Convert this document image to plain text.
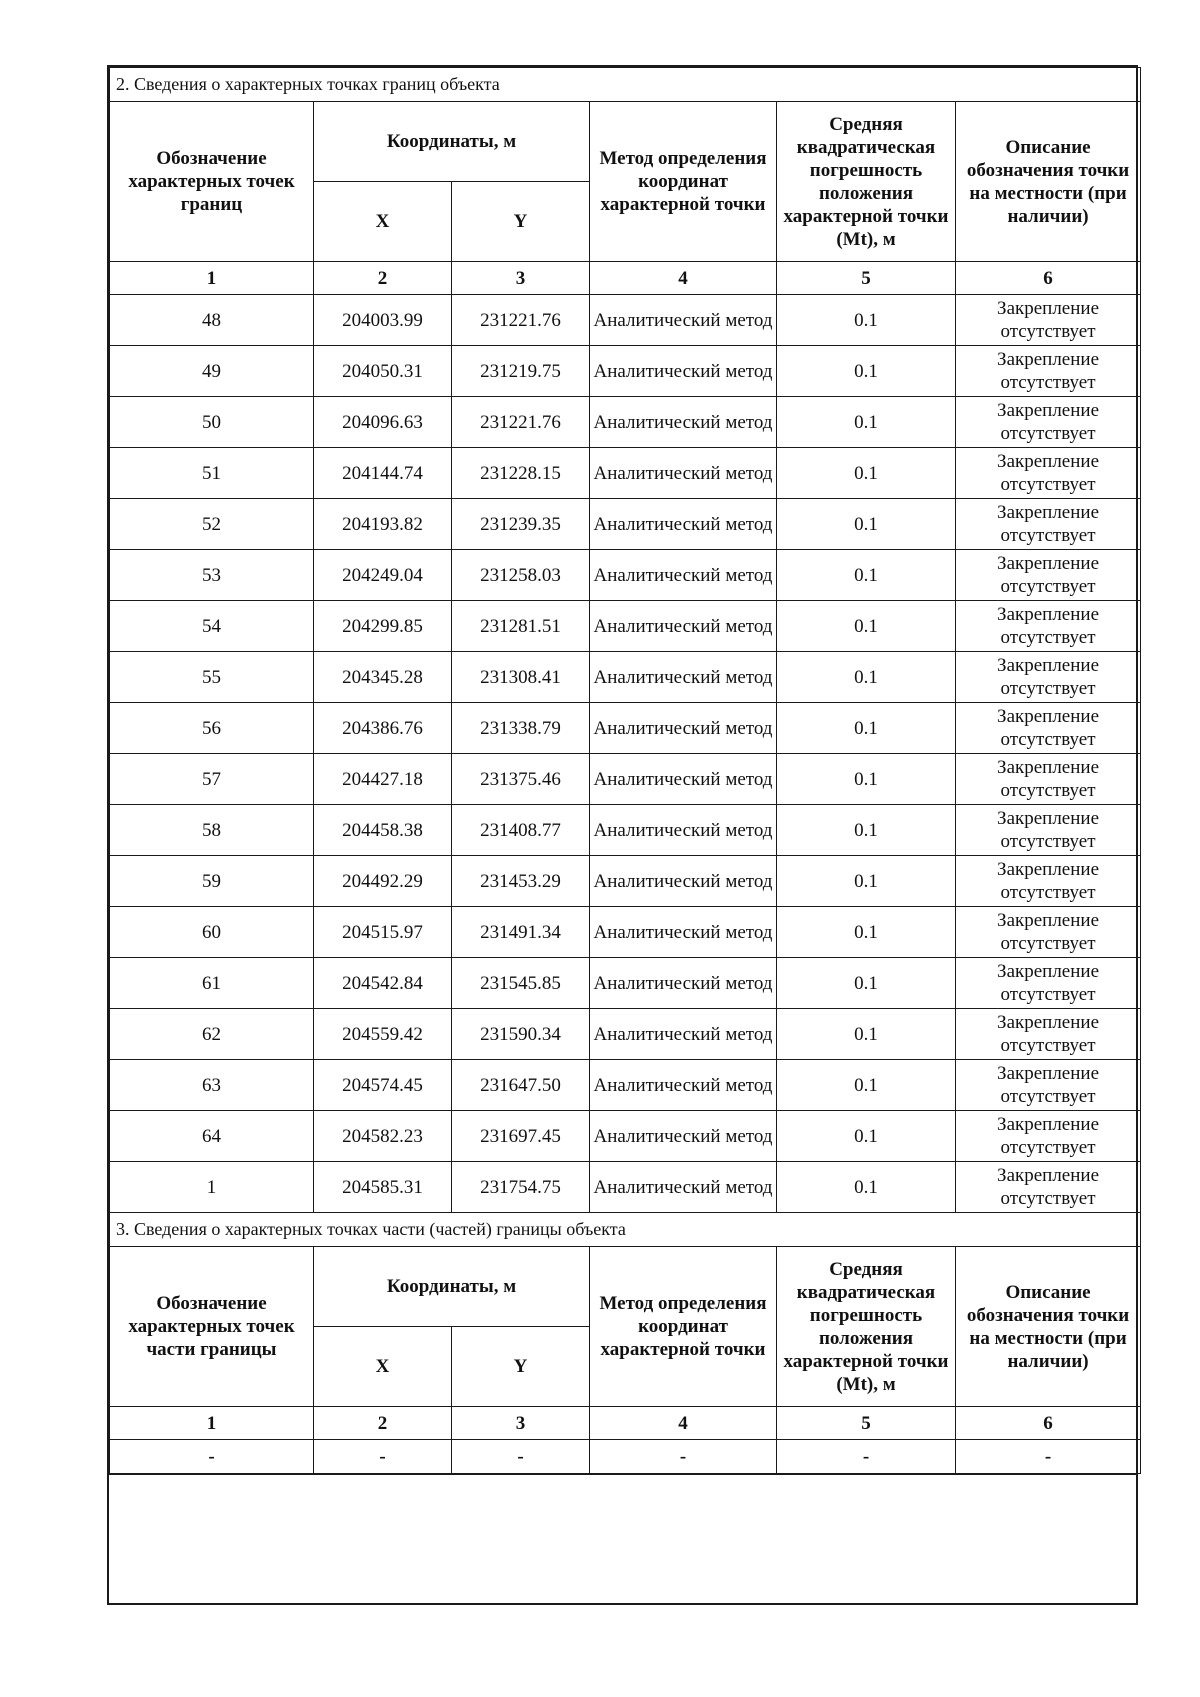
2. Сведения о характерных точках границ объекта					
Обозначение характерных точек границ	Координаты, м		Метод определения координат характерной точки	Средняя квадратическая погрешность положения характерной точки (Mt), м	Описание обозначения точки на местности (при наличии)
	X	Y			
1	2	3	4	5	6
48	204003.99	231221.76	Аналитический метод	0.1	Закрепление отсутствует
49	204050.31	231219.75	Аналитический метод	0.1	Закрепление отсутствует
50	204096.63	231221.76	Аналитический метод	0.1	Закрепление отсутствует
51	204144.74	231228.15	Аналитический метод	0.1	Закрепление отсутствует
52	204193.82	231239.35	Аналитический метод	0.1	Закрепление отсутствует
53	204249.04	231258.03	Аналитический метод	0.1	Закрепление отсутствует
54	204299.85	231281.51	Аналитический метод	0.1	Закрепление отсутствует
55	204345.28	231308.41	Аналитический метод	0.1	Закрепление отсутствует
56	204386.76	231338.79	Аналитический метод	0.1	Закрепление отсутствует
57	204427.18	231375.46	Аналитический метод	0.1	Закрепление отсутствует
58	204458.38	231408.77	Аналитический метод	0.1	Закрепление отсутствует
59	204492.29	231453.29	Аналитический метод	0.1	Закрепление отсутствует
60	204515.97	231491.34	Аналитический метод	0.1	Закрепление отсутствует
61	204542.84	231545.85	Аналитический метод	0.1	Закрепление отсутствует
62	204559.42	231590.34	Аналитический метод	0.1	Закрепление отсутствует
63	204574.45	231647.50	Аналитический метод	0.1	Закрепление отсутствует
64	204582.23	231697.45	Аналитический метод	0.1	Закрепление отсутствует
1	204585.31	231754.75	Аналитический метод	0.1	Закрепление отсутствует
3. Сведения о характерных точках части (частей) границы объекта					
Обозначение характерных точек части границы	Координаты, м		Метод определения координат характерной точки	Средняя квадратическая погрешность положения характерной точки (Mt), м	Описание обозначения точки на местности (при наличии)
	X	Y			
1	2	3	4	5	6
-	-	-	-	-	-
